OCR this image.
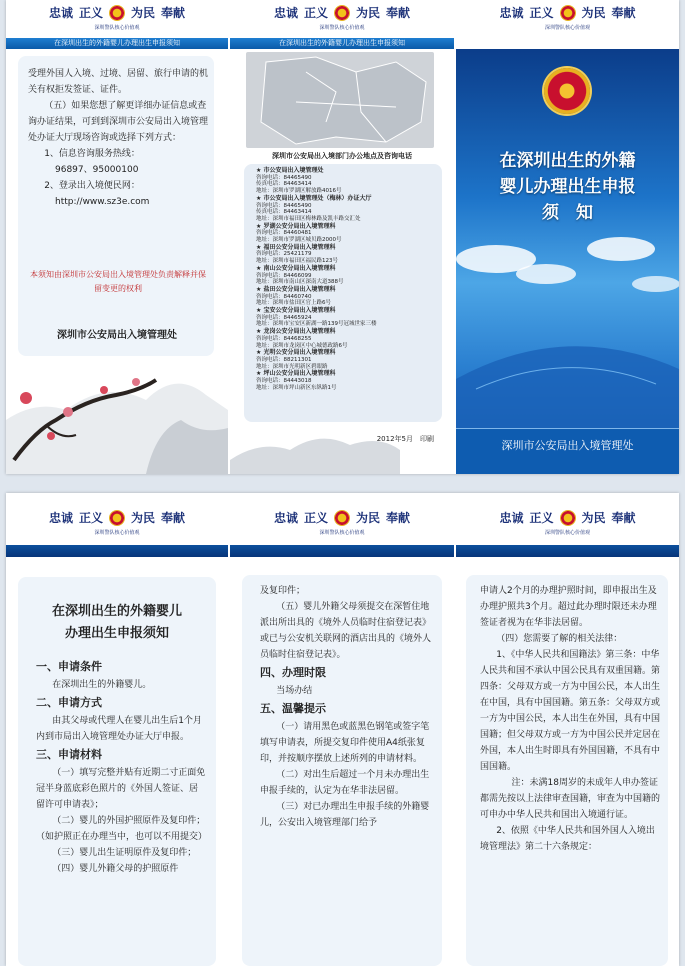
忠诚 正义 为民 奉献
深圳警队核心价值观
在深圳出生的外籍婴儿办理出生申报须知

受理外国人入境、过境、居留、旅行申请的机关有权拒发签证、证件。

（五）如果您想了解更详细办证信息或查询办证结果，可到到深圳市公安局出入境管理处办证大厅现场咨询或选择下列方式：

1、信息咨询服务热线：

96897、95000100

2、登录出入境便民网：

http://www.sz3e.com

本须知由深圳市公安局出入境管理处负责解释并保留变更的权利
深圳市公安局出入境管理处
忠诚 正义 为民 奉献
深圳警队核心价值观
在深圳出生的外籍婴儿办理出生申报须知
深圳市公安局出入境部门办公地点及咨询电话
★ 市公安局出入境管理处
咨询电话：84465490
传真电话：84463414
地址：深圳市罗湖区解放路4016号
★ 市公安局出入境管理处（梅林）办证大厅
咨询电话：84465490
传真电话：84463414
地址：深圳市福田区梅林路及凯丰路交汇处
★ 罗湖公安分局出入境管理科
咨询电话：84460481
地址：深圳市罗湖区城贝路2000号
★ 福田公安分局出入境管理科
咨询电话：25421179
地址：深圳市福田区福民路123号
★ 南山公安分局出入境管理科
咨询电话：84466099
地址：深圳市南山区深南大道388号
★ 盐田公安分局出入境管理科
咨询电话：84460740
地址：深圳市盐田区官上路6号
★ 宝安公安分局出入境管理科
咨询电话：84465924
地址：深圳市宝安区新湖一路139号冠城世家三楼
★ 龙岗公安分局出入境管理科
咨询电话：84468255
地址：深圳市龙岗区中心城德政路6号
★ 光明公安分局出入境管理科
咨询电话：88211301
地址：深圳市光明新区碧眼路
★ 坪山公安分局出入境管理科
咨询电话：84443018
地址：深圳市坪山新区东纵路1号
2012年5月　印刷
忠诚 正义 为民 奉献
深圳警队核心价值观
在深圳出生的外籍
婴儿办理出生申报
须　知
深圳市公安局出入境管理处
忠诚 正义 为民 奉献
深圳警队核心价值观
在深圳出生的外籍婴儿
办理出生申报须知

一、申请条件

在深圳出生的外籍婴儿。

二、申请方式

由其父母或代理人在婴儿出生后1个月内到市局出入境管理处办证大厅申报。

三、申请材料

（一）填写完整并贴有近期二寸正面免冠半身蓝底彩色照片的《外国人签证、居留许可申请表》；

（二）婴儿的外国护照原件及复印件；（如护照正在办理当中，也可以不用提交）

（三）婴儿出生证明原件及复印件；

（四）婴儿外籍父母的护照原件

忠诚 正义 为民 奉献
深圳警队核心价值观

及复印件；

（五）婴儿外籍父母须提交在深暂住地派出所出具的《境外人员临时住宿登记表》或已与公安机关联网的酒店出具的《境外人员临时住宿登记表》。

四、办理时限

当场办结

五、温馨提示

（一）请用黑色或蓝黑色钢笔或签字笔填写申请表，所提交复印件使用A4纸张复印，并按顺序摆放上述所列的申请材料。

（二）对出生后超过一个月未办理出生申报手续的，认定为在华非法居留。

（三）对已办理出生申报手续的外籍婴儿，公安出入境管理部门给予

忠诚 正义 为民 奉献
深圳警队核心价值观

申请人2个月的办理护照时间，即申报出生及办理护照共3个月。超过此办理时限还未办理签证者视为在华非法居留。

（四）您需要了解的相关法律：

1、《中华人民共和国籍法》第三条：中华人民共和国不承认中国公民具有双重国籍。第四条：父母双方或一方为中国公民，本人出生在中国，具有中国国籍。第五条：父母双方或一方为中国公民，本人出生在外国，具有中国国籍；但父母双方或一方为中国公民并定居在外国，本人出生时即具有外国国籍，不具有中国国籍。

注：未满18周岁的未成年人申办签证都需先按以上法律审查国籍，审查为中国籍的可申办中华人民共和国出入境通行证。

2、依照《中华人民共和国外国人入境出境管理法》第二十六条规定：
